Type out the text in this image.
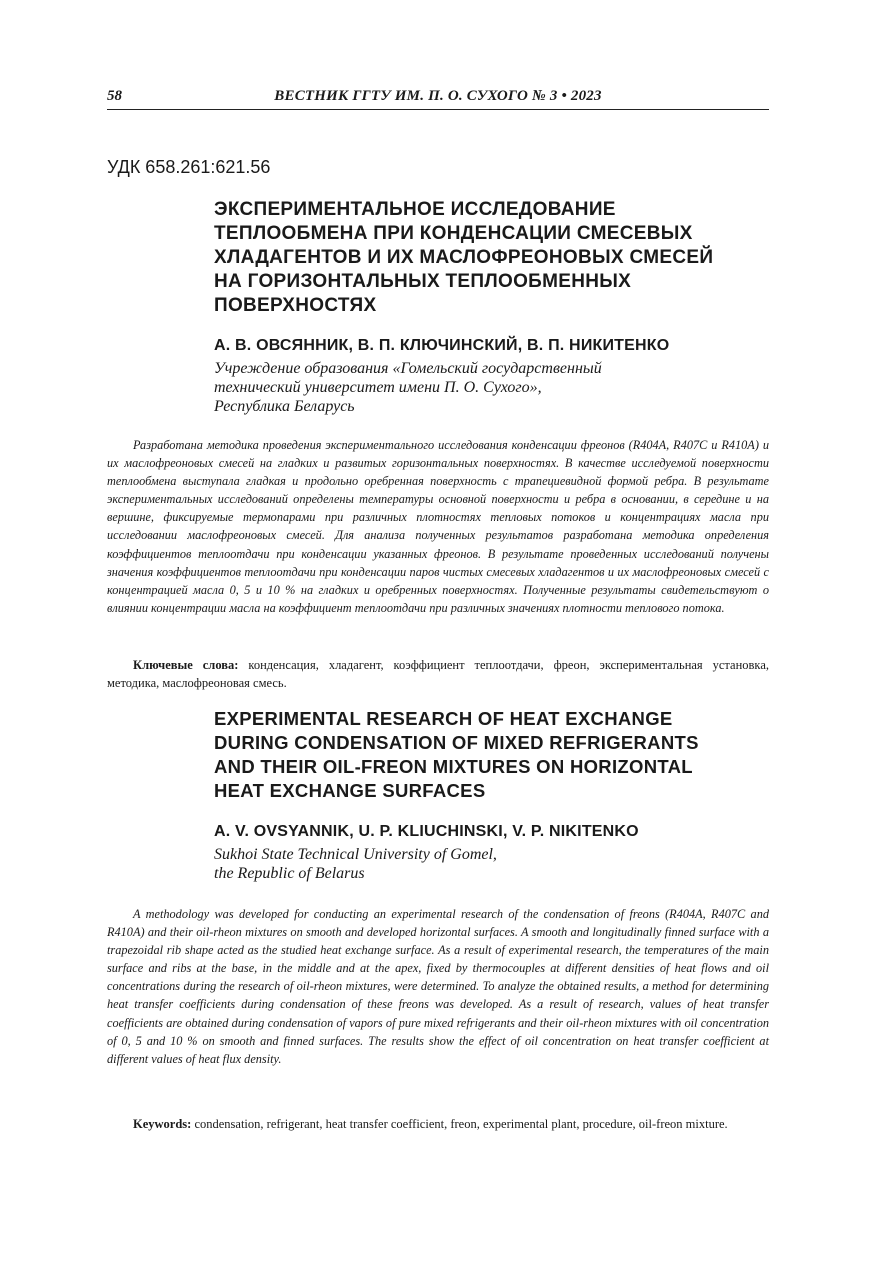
58	ВЕСТНИК ГГТУ ИМ. П. О. СУХОГО № 3 • 2023
УДК 658.261:621.56
ЭКСПЕРИМЕНТАЛЬНОЕ ИССЛЕДОВАНИЕ
ТЕПЛООБМЕНА ПРИ КОНДЕНСАЦИИ СМЕСЕВЫХ
ХЛАДАГЕНТОВ И ИХ МАСЛОФРЕОНОВЫХ СМЕСЕЙ
НА ГОРИЗОНТАЛЬНЫХ ТЕПЛООБМЕННЫХ
ПОВЕРХНОСТЯХ
А. В. ОВСЯННИК, В. П. КЛЮЧИНСКИЙ, В. П. НИКИТЕНКО
Учреждение образования «Гомельский государственный
технический университет имени П. О. Сухого»,
Республика Беларусь

Разработана методика проведения экспериментального исследования конденсации фреонов (R404A, R407C и R410A) и их маслофреоновых смесей на гладких и развитых горизонтальных поверхностях. В качестве исследуемой поверхности теплообмена выступала гладкая и продольно оребренная поверхность с трапециевидной формой ребра. В результате экспериментальных исследований определены температуры основной поверхности и ребра в основании, в середине и на вершине, фиксируемые термопарами при различных плотностях тепловых потоков и концентрациях масла при исследовании маслофреоновых смесей. Для анализа полученных результатов разработана методика определения коэффициентов теплоотдачи при конденсации указанных фреонов. В результате проведенных исследований получены значения коэффициентов теплоотдачи при конденсации паров чистых смесевых хладагентов и их маслофреоновых смесей с концентрацией масла 0, 5 и 10 % на гладких и оребренных поверхностях. Полученные результаты свидетельствуют о влиянии концентрации масла на коэффициент теплоотдачи при различных значениях плотности теплового потока.

Ключевые слова: конденсация, хладагент, коэффициент теплоотдачи, фреон, экспериментальная установка, методика, маслофреоновая смесь.

EXPERIMENTAL RESEARCH OF HEAT EXCHANGE
DURING CONDENSATION OF MIXED REFRIGERANTS
AND THEIR OIL-FREON MIXTURES ON HORIZONTAL
HEAT EXCHANGE SURFACES
A. V. OVSYANNIK, U. P. KLIUCHINSKI, V. P. NIKITENKO
Sukhoi State Technical University of Gomel,
the Republic of Belarus

A methodology was developed for conducting an experimental research of the condensation of freons (R404A, R407C and R410A) and their oil-rheon mixtures on smooth and developed horizontal surfaces. A smooth and longitudinally finned surface with a trapezoidal rib shape acted as the studied heat exchange surface. As a result of experimental research, the temperatures of the main surface and ribs at the base, in the middle and at the apex, fixed by thermocouples at different densities of heat flows and oil concentrations during the research of oil-rheon mixtures, were determined. To analyze the obtained results, a method for determining heat transfer coefficients during condensation of these freons was developed. As a result of research, values of heat transfer coefficients are obtained during condensation of vapors of pure mixed refrigerants and their oil-rheon mixtures with oil concentration of 0, 5 and 10 % on smooth and finned surfaces. The results show the effect of oil concentration on heat transfer coefficient at different values of heat flux density.

Keywords: condensation, refrigerant, heat transfer coefficient, freon, experimental plant, procedure, oil-freon mixture.
